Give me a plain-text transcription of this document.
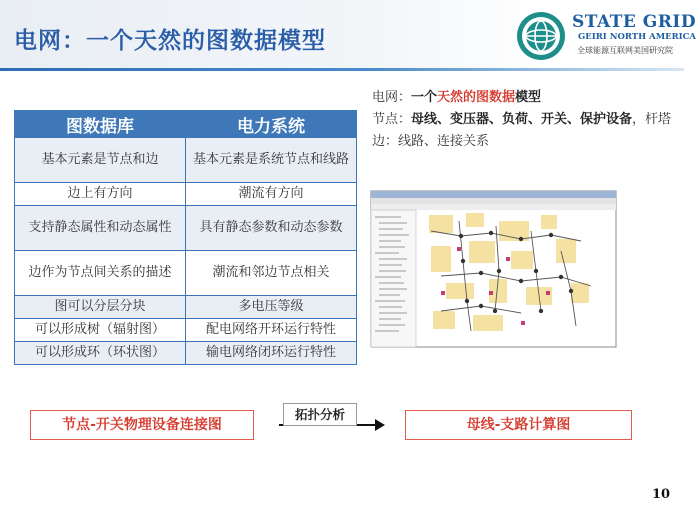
电网：一个天然的图数据模型
STATE GRID
GEIRI NORTH AMERICA
全球能源互联网美国研究院
图数据库	电力系统
基本元素是节点和边	基本元素是系统节点和线路
边上有方向	潮流有方向
支持静态属性和动态属性	具有静态参数和动态参数
边作为节点间关系的描述	潮流和邻边节点相关
图可以分层分块	多电压等级
可以形成树（辐射图）	配电网络开环运行特性
可以形成环（环状图）	输电网络闭环运行特性
电网：一个天然的图数据模型
节点：母线、变压器、负荷、开关、保护设备，杆塔
边：线路、连接关系
节点-开关物理设备连接图
拓扑分析
母线-支路计算图
10
